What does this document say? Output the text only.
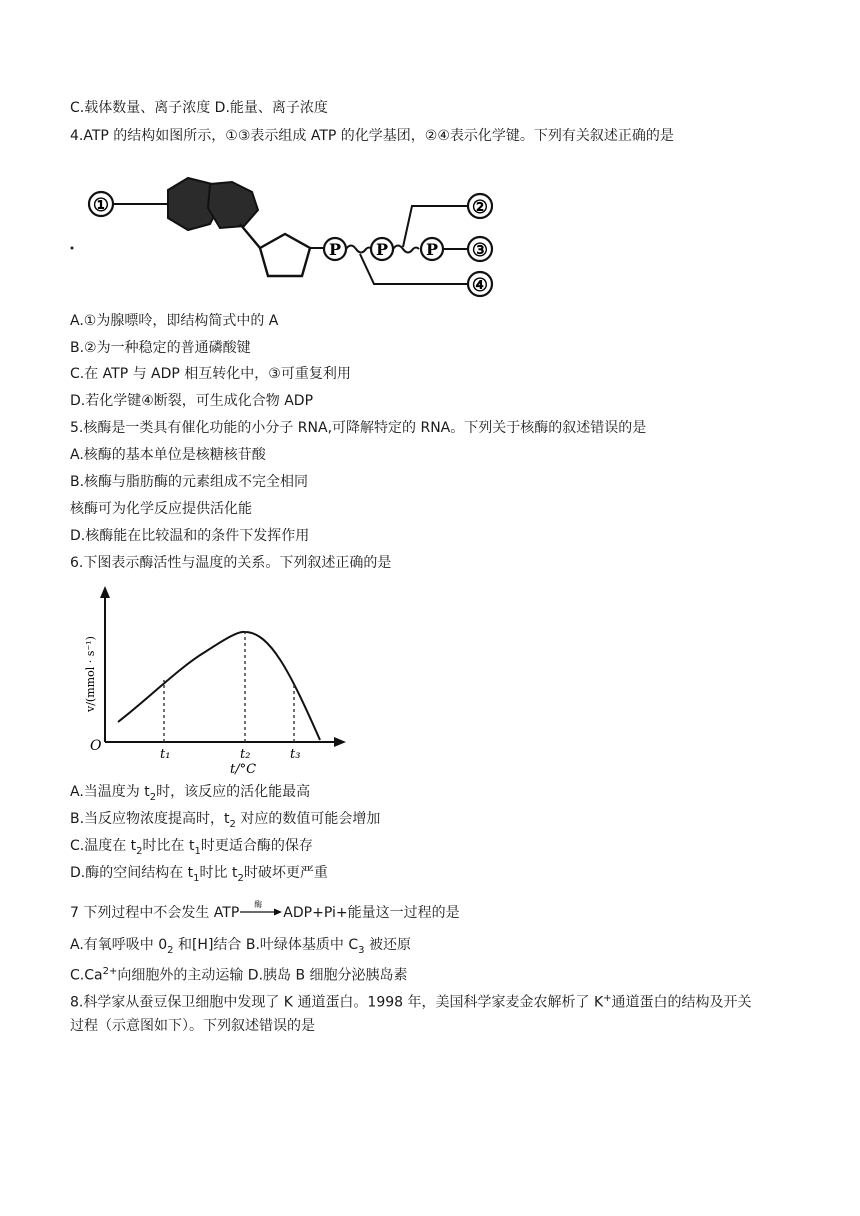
C.载体数量、离子浓度 D.能量、离子浓度
4.ATP 的结构如图所示，①③表示组成 ATP 的化学基团，②④表示化学键。下列有关叙述正确的是
①
P P P
②
③
④
A.①为腺嘌呤，即结构简式中的 A
B.②为一种稳定的普通磷酸键
C.在 ATP 与 ADP 相互转化中，③可重复利用
D.若化学键④断裂，可生成化合物 ADP
5.核酶是一类具有催化功能的小分子 RNA,可降解特定的 RNA。下列关于核酶的叙述错误的是
A.核酶的基本单位是核糖核苷酸
B.核酶与脂肪酶的元素组成不完全相同
核酶可为化学反应提供活化能
D.核酶能在比较温和的条件下发挥作用
6.下图表示酶活性与温度的关系。下列叙述正确的是
O
t₁	t₂	t₃
t/°C
v/(mmol · s⁻¹)
A.当温度为 $t_2$时，该反应的活化能最高
B.当反应物浓度提高时，$t_2$ 对应的数值可能会增加
C.温度在 $t_2$时比在 $t_1$时更适合酶的保存
D.酶的空间结构在 $t_1$时比 $t_2$时破坏更严重
7 下列过程中不会发生 ATP
酶
ADP+Pi+能量这一过程的是
A.有氧呼吸中 $0_2$ 和[H]结合 B.叶绿体基质中 $C_3$ 被还原
$C.Ca^{2+}$向细胞外的主动运输 D.胰岛 B 细胞分泌胰岛素
8.科学家从蚕豆保卫细胞中发现了 K 通道蛋白。1998 年，美国科学家麦金农解析了 K+通道蛋白的结构及开关
过程（示意图如下）。下列叙述错误的是
